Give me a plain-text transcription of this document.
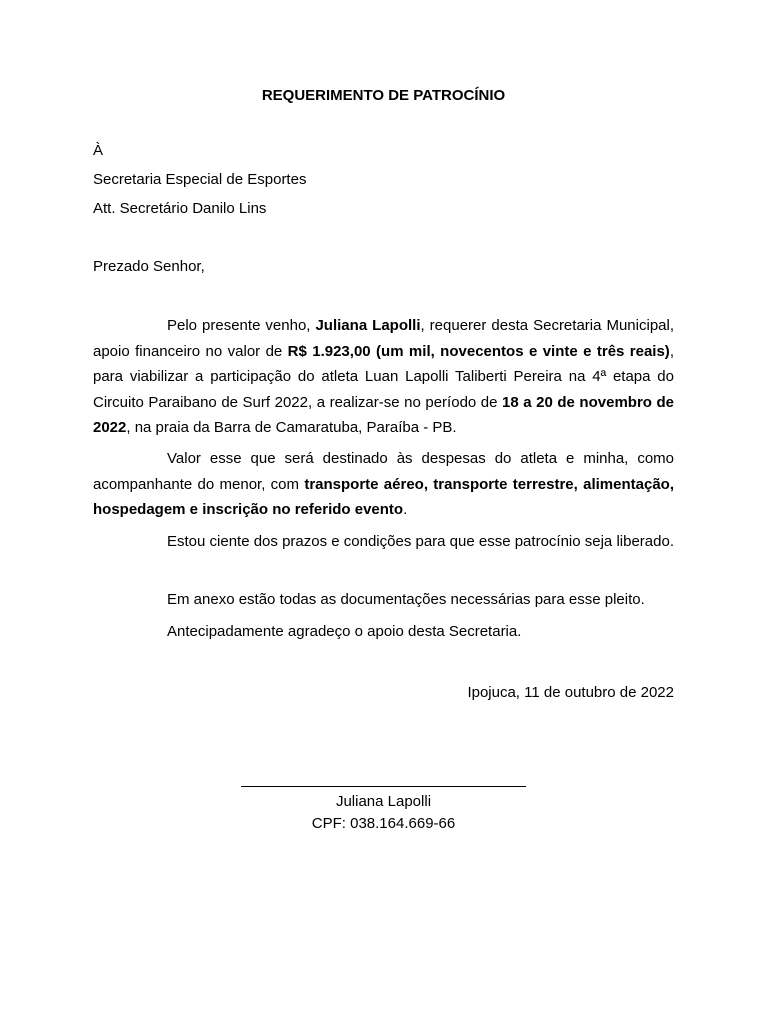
REQUERIMENTO DE PATROCÍNIO
À
Secretaria Especial de Esportes
Att. Secretário Danilo Lins
Prezado Senhor,
Pelo presente venho, Juliana Lapolli, requerer desta Secretaria Municipal, apoio financeiro no valor de R$ 1.923,00 (um mil, novecentos e vinte e três reais), para viabilizar a participação do atleta Luan Lapolli Taliberti Pereira na 4ª etapa do Circuito Paraibano de Surf 2022, a realizar-se no período de 18 a 20 de novembro de 2022, na praia da Barra de Camaratuba, Paraíba - PB.
Valor esse que será destinado às despesas do atleta e minha, como acompanhante do menor, com transporte aéreo, transporte terrestre, alimentação, hospedagem e inscrição no referido evento.
Estou ciente dos prazos e condições para que esse patrocínio seja liberado.
Em anexo estão todas as documentações necessárias para esse pleito.
Antecipadamente agradeço o apoio desta Secretaria.
Ipojuca, 11 de outubro de 2022
Juliana Lapolli
CPF: 038.164.669-66
